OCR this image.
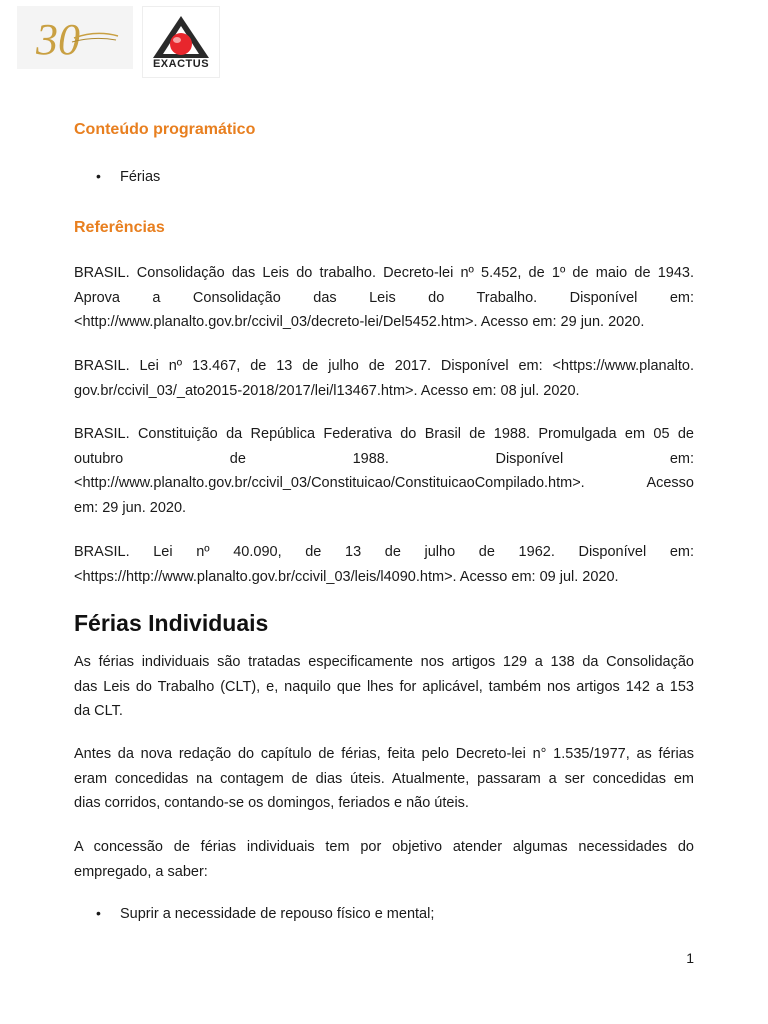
30
EXACTUS
Conteúdo programático
•	Férias
Referências
BRASIL. Consolidação das Leis do trabalho. Decreto-lei nº 5.452, de 1º de maio de 1943.
Aprova a Consolidação das Leis do Trabalho. Disponível em:
<http://www.planalto.gov.br/ccivil_03/decreto-lei/Del5452.htm>. Acesso em: 29 jun. 2020.
BRASIL. Lei nº 13.467, de 13 de julho de 2017. Disponível em: <https://www.planalto.
gov.br/ccivil_03/_ato2015-2018/2017/lei/l13467.htm>. Acesso em: 08 jul. 2020.
BRASIL. Constituição da República Federativa do Brasil de 1988. Promulgada em 05 de
outubro de 1988. Disponível em:
<http://www.planalto.gov.br/ccivil_03/Constituicao/ConstituicaoCompilado.htm>. Acesso
em: 29 jun. 2020.
BRASIL. Lei nº 40.090, de 13 de julho de 1962. Disponível em:
<https://http://www.planalto.gov.br/ccivil_03/leis/l4090.htm>. Acesso em: 09 jul. 2020.
Férias Individuais
As férias individuais são tratadas especificamente nos artigos 129 a 138 da Consolidação
das Leis do Trabalho (CLT), e, naquilo que lhes for aplicável, também nos artigos 142 a 153
da CLT.
Antes da nova redação do capítulo de férias, feita pelo Decreto-lei n° 1.535/1977, as férias
eram concedidas na contagem de dias úteis. Atualmente, passaram a ser concedidas em
dias corridos, contando-se os domingos, feriados e não úteis.
A concessão de férias individuais tem por objetivo atender algumas necessidades do
empregado, a saber:
•	Suprir a necessidade de repouso físico e mental;
1
